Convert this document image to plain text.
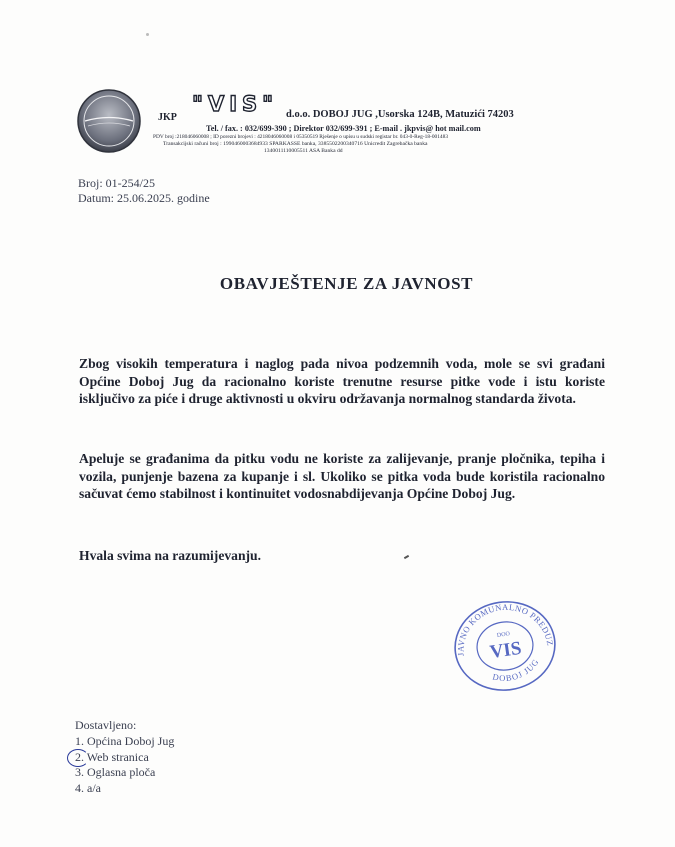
JKP
"VIS" d.o.o. DOBOJ JUG ,Usorska 124B, Matuzići 74203
Tel. / fax. : 032/699-390 ; Direktor 032/699-391 ; E-mail . jkpvis@ hot mail.com
PDV broj :218046060008 ; ID porezni brojevi : 4218046060008 i 05350519 Rješenje o upisu u sudski registar br. 043-0-Reg-18-001483
Transakcijski računi broj : 1990460003684933 SPARKASSE banka, 3385502200340716 Unicredit Zagrebačka banka
1340011110005511 ASA Banka dd
Broj: 01-254/25
Datum: 25.06.2025. godine
OBAVJEŠTENJE ZA JAVNOST

Zbog visokih temperatura i naglog pada nivoa podzemnih voda, mole se svi građani Općine Doboj Jug da racionalno koriste trenutne resurse pitke vode i istu koriste isključivo za piće i druge aktivnosti u okviru održavanja normalnog standarda života.

Apeluje se građanima da pitku vodu ne koriste za zalijevanje, pranje pločnika, tepiha i vozila, punjenje bazena za kupanje i sl. Ukoliko se pitka voda bude koristila racionalno sačuvat ćemo stabilnost i kontinuitet vodosnabdijevanja Općine Doboj Jug.

Hvala svima na razumijevanju.

JAVNO KOMUNALNO PREDUZEĆE
DOBOJ JUG
DOO
VIS
Dostavljeno:
1. Općina Doboj Jug
2. Web stranica
3. Oglasna ploča
4. a/a
